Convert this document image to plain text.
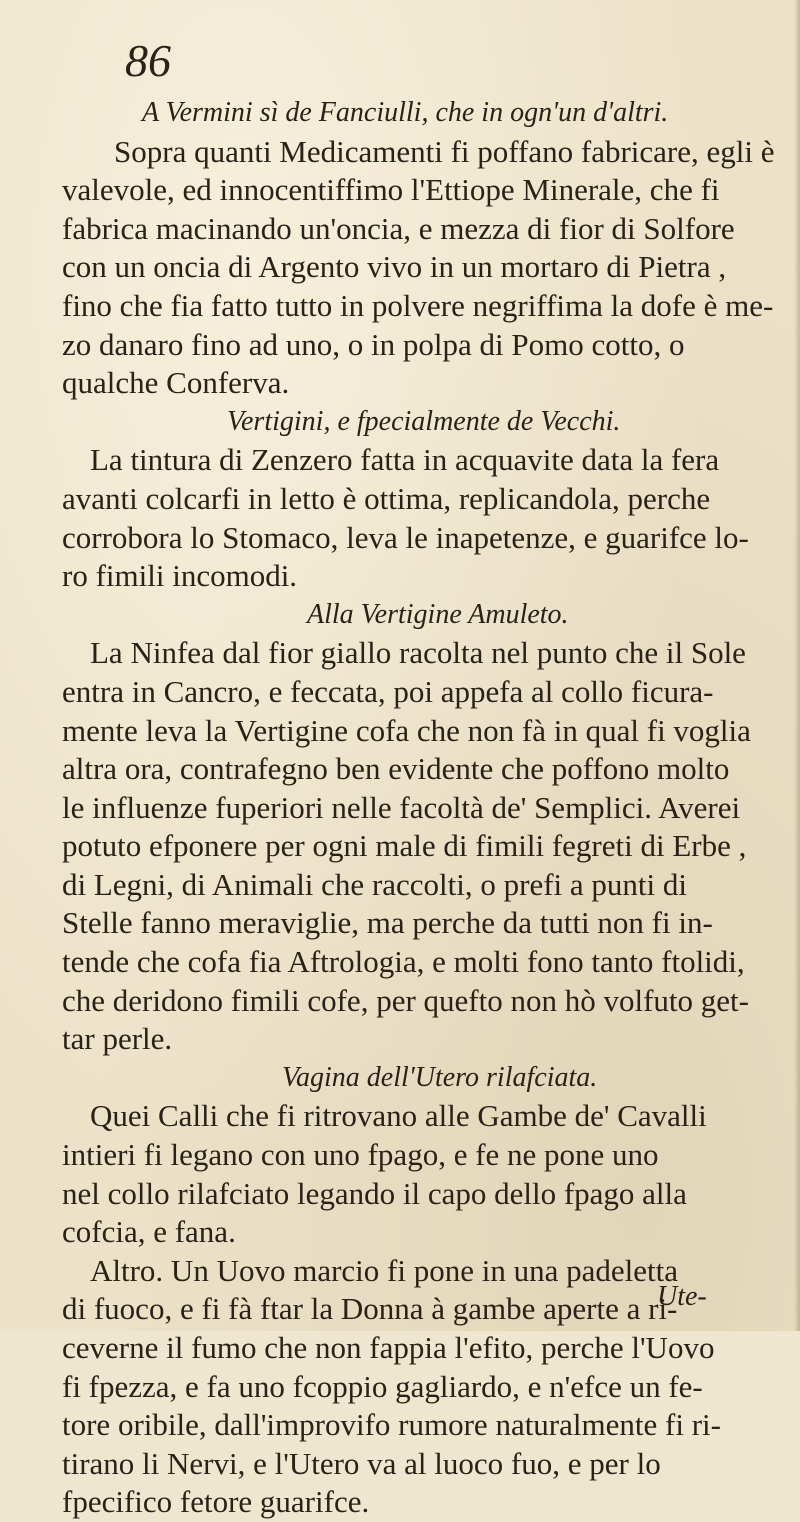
86
A Vermini sì de Fanciulli, che in ogn'un d'altri.
Sopra quanti Medicamenti fi poffano fabricare, egli è
valevole, ed innocentiffimo l'Ettiope Minerale, che fi
fabrica macinando un'oncia, e mezza di fior di Solfore
con un oncia di Argento vivo in un mortaro di Pietra ,
fino che fia fatto tutto in polvere negriffima la dofe è me-
zo danaro fino ad uno, o in polpa di Pomo cotto, o
qualche Conferva.
Vertigini, e fpecialmente de Vecchi.
La tintura di Zenzero fatta in acquavite data la fera
avanti colcarfi in letto è ottima, replicandola, perche
corrobora lo Stomaco, leva le inapetenze, e guarifce lo-
ro fimili incomodi.
Alla Vertigine Amuleto.
La Ninfea dal fior giallo racolta nel punto che il Sole
entra in Cancro, e feccata, poi appefa al collo ficura-
mente leva la Vertigine cofa che non fà in qual fi voglia
altra ora, contrafegno ben evidente che poffono molto
le influenze fuperiori nelle facoltà de' Semplici. Averei
potuto efponere per ogni male di fimili fegreti di Erbe ,
di Legni, di Animali che raccolti, o prefi a punti di
Stelle fanno meraviglie, ma perche da tutti non fi in-
tende che cofa fia Aftrologia, e molti fono tanto ftolidi,
che deridono fimili cofe, per quefto non hò volfuto get-
tar perle.
Vagina dell'Utero rilafciata.
Quei Calli che fi ritrovano alle Gambe de' Cavalli
intieri fi legano con uno fpago, e fe ne pone uno
nel collo rilafciato legando il capo dello fpago alla
cofcia, e fana.
Altro. Un Uovo marcio fi pone in una padeletta
di fuoco, e fi fà ftar la Donna à gambe aperte a ri-
ceverne il fumo che non fappia l'efito, perche l'Uovo
fi fpezza, e fa uno fcoppio gagliardo, e n'efce un fe-
tore oribile, dall'improvifo rumore naturalmente fi ri-
tirano li Nervi, e l'Utero va al luoco fuo, e per lo
fpecifico fetore guarifce.
Ute-
